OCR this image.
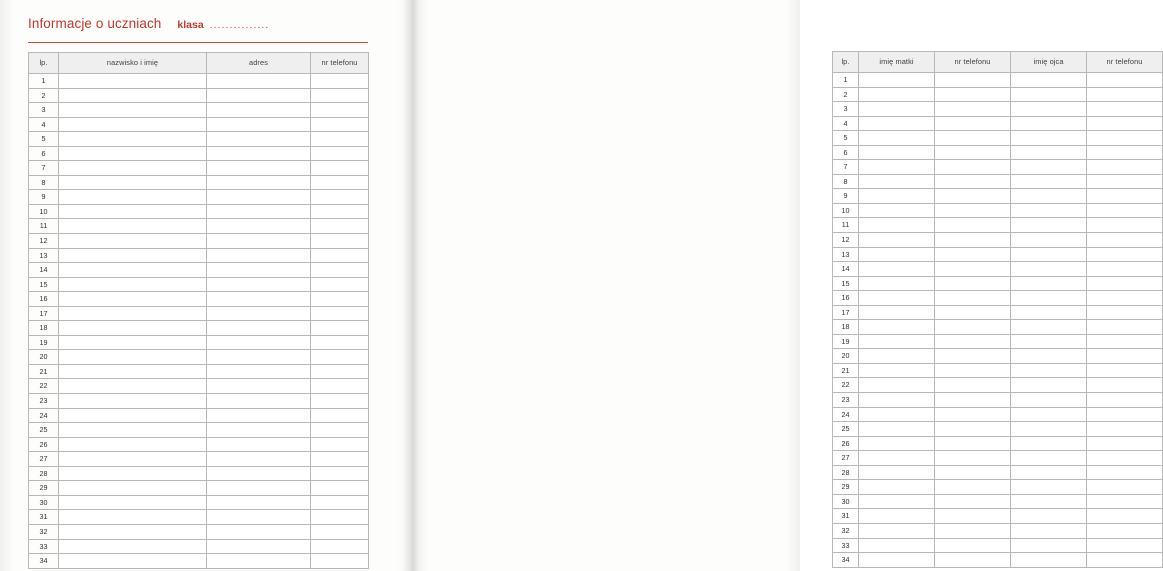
Informacje o uczniach klasa ...............
lp.	nazwisko i imię	adres	nr telefonu
1			
2			
3			
4			
5			
6			
7			
8			
9			
10			
11			
12			
13			
14			
15			
16			
17			
18			
19			
20			
21			
22			
23			
24			
25			
26			
27			
28			
29			
30			
31			
32			
33			
34			
lp.	imię matki	nr telefonu	imię ojca	nr telefonu
1				
2				
3				
4				
5				
6				
7				
8				
9				
10				
11				
12				
13				
14				
15				
16				
17				
18				
19				
20				
21				
22				
23				
24				
25				
26				
27				
28				
29				
30				
31				
32				
33				
34				
